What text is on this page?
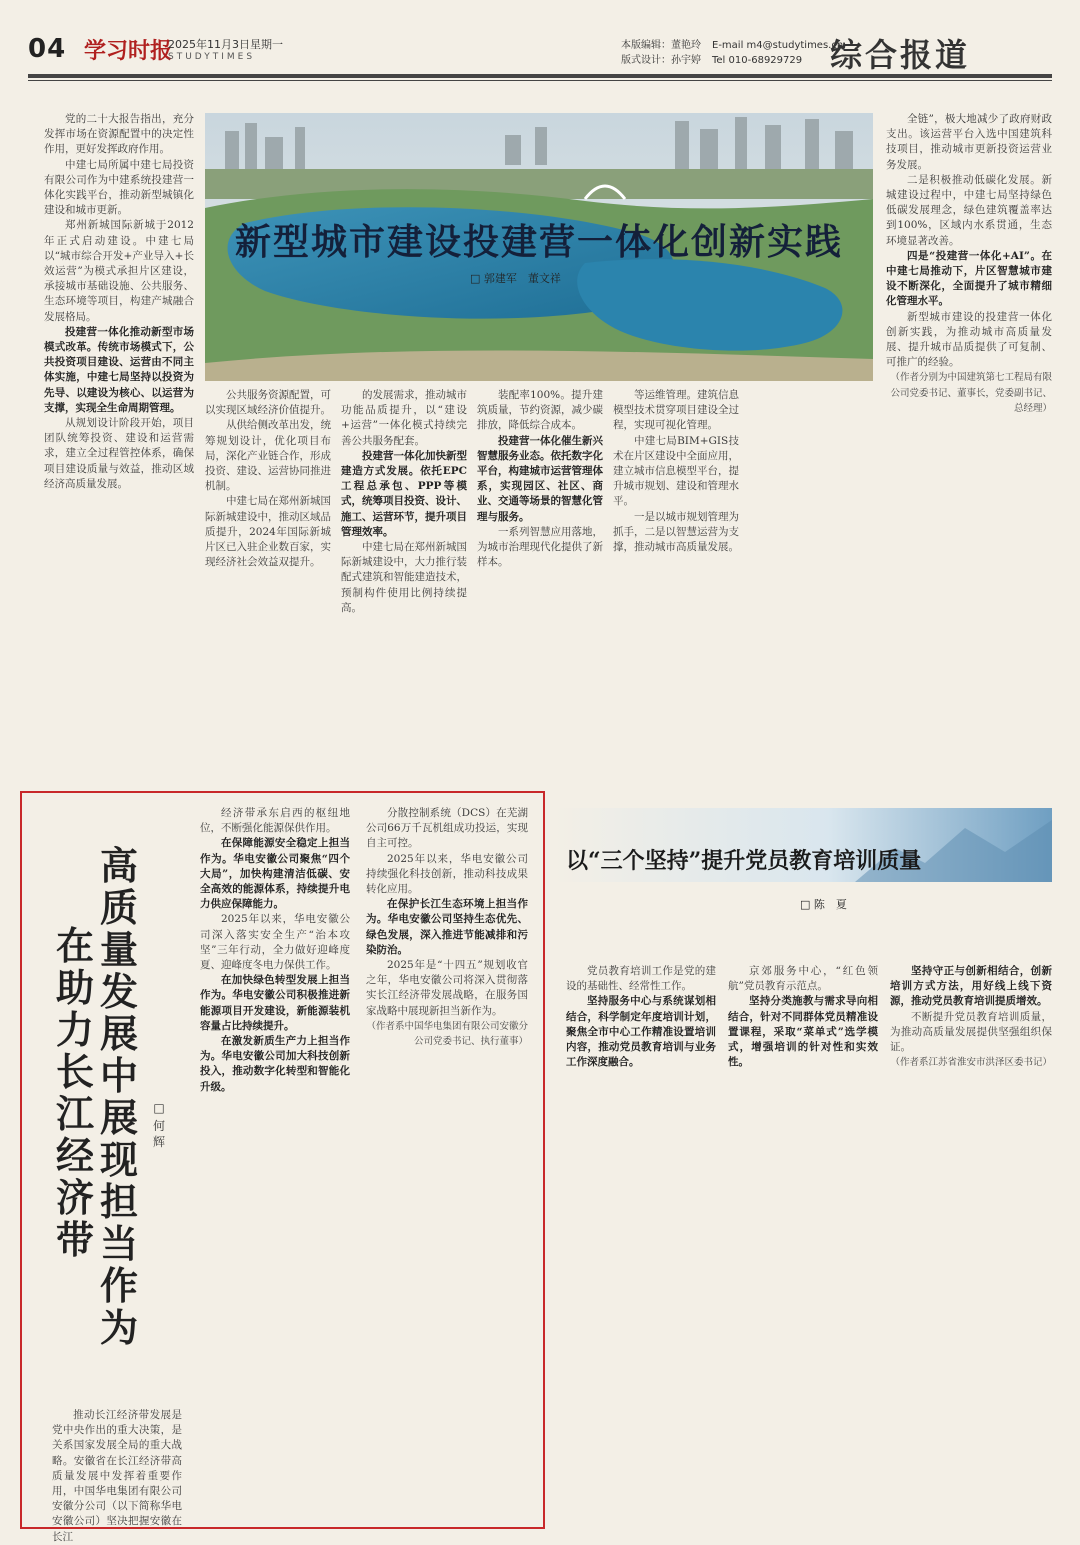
04 学习时报
2025年11月3日星期一
STUDYTIMES
本版编辑：董艳玲
版式设计：孙宇婷
E-mail m4@studytimes.cn
Tel 010-68929729 综合报道

党的二十大报告指出，充分发挥市场在资源配置中的决定性作用，更好发挥政府作用。

中建七局所属中建七局投资有限公司作为中建系统投建营一体化实践平台，推动新型城镇化建设和城市更新。

郑州新城国际新城于2012年正式启动建设。中建七局以“城市综合开发+产业导入+长效运营”为模式承担片区建设，承接城市基础设施、公共服务、生态环境等项目，构建产城融合发展格局。

投建营一体化推动新型市场模式改革。传统市场模式下，公共投资项目建设、运营由不同主体实施，中建七局坚持以投资为先导、以建设为核心、以运营为支撑，实现全生命周期管理。

从规划设计阶段开始，项目团队统筹投资、建设和运营需求，建立全过程管控体系，确保项目建设质量与效益，推动区域经济高质量发展。

新型城市建设投建营一体化创新实践
□ 郭建军　董文祥

公共服务资源配置，可以实现区域经济价值提升。

从供给侧改革出发，统筹规划设计，优化项目布局，深化产业链合作，形成投资、建设、运营协同推进机制。

中建七局在郑州新城国际新城建设中，推动区域品质提升，2024年国际新城片区已入驻企业数百家，实现经济社会效益双提升。

的发展需求，推动城市功能品质提升，以“建设+运营”一体化模式持续完善公共服务配套。

投建营一体化加快新型建造方式发展。依托EPC工程总承包、PPP等模式，统筹项目投资、设计、施工、运营环节，提升项目管理效率。

中建七局在郑州新城国际新城建设中，大力推行装配式建筑和智能建造技术，预制构件使用比例持续提高。

装配率100%。提升建筑质量，节约资源，减少碳排放，降低综合成本。

投建营一体化催生新兴智慧服务业态。依托数字化平台，构建城市运营管理体系，实现园区、社区、商业、交通等场景的智慧化管理与服务。

一系列智慧应用落地，为城市治理现代化提供了新样本。

等运维管理。建筑信息模型技术贯穿项目建设全过程，实现可视化管理。

中建七局BIM+GIS技术在片区建设中全面应用，建立城市信息模型平台，提升城市规划、建设和管理水平。

一是以城市规划管理为抓手，二是以智慧运营为支撑，推动城市高质量发展。

全链”，极大地减少了政府财政支出。该运营平台入选中国建筑科技项目，推动城市更新投资运营业务发展。

二是积极推动低碳化发展。新城建设过程中，中建七局坚持绿色低碳发展理念，绿色建筑覆盖率达到100%，区域内水系贯通，生态环境显著改善。

四是“投建营一体化+AI”。在中建七局推动下，片区智慧城市建设不断深化，全面提升了城市精细化管理水平。

新型城市建设的投建营一体化创新实践，为推动城市高质量发展、提升城市品质提供了可复制、可推广的经验。

（作者分别为中国建筑第七工程局有限公司党委书记、董事长，党委副书记、总经理）
高质量发展中展现担当作为
在助力长江经济带
□
何辉

推动长江经济带发展是党中央作出的重大决策，是关系国家发展全局的重大战略。安徽省在长江经济带高质量发展中发挥着重要作用，中国华电集团有限公司安徽分公司（以下简称华电安徽公司）坚决把握安徽在长江

经济带承东启西的枢纽地位，不断强化能源保供作用。

在保障能源安全稳定上担当作为。华电安徽公司聚焦“四个大局”，加快构建清洁低碳、安全高效的能源体系，持续提升电力供应保障能力。

2025年以来，华电安徽公司深入落实安全生产“治本攻坚”三年行动，全力做好迎峰度夏、迎峰度冬电力保供工作。

在加快绿色转型发展上担当作为。华电安徽公司积极推进新能源项目开发建设，新能源装机容量占比持续提升。

在激发新质生产力上担当作为。华电安徽公司加大科技创新投入，推动数字化转型和智能化升级。

分散控制系统（DCS）在芜湖公司66万千瓦机组成功投运，实现自主可控。

2025年以来，华电安徽公司持续强化科技创新，推动科技成果转化应用。

在保护长江生态环境上担当作为。华电安徽公司坚持生态优先、绿色发展，深入推进节能减排和污染防治。

2025年是“十四五”规划收官之年，华电安徽公司将深入贯彻落实长江经济带发展战略，在服务国家战略中展现新担当新作为。

（作者系中国华电集团有限公司安徽分公司党委书记、执行董事）
以“三个坚持”提升党员教育培训质量
□ 陈　夏

党员教育培训工作是党的建设的基础性、经常性工作。

坚持服务中心与系统谋划相结合，科学制定年度培训计划，聚焦全市中心工作精准设置培训内容，推动党员教育培训与业务工作深度融合。

京郊服务中心，“红色领航”党员教育示范点。

坚持分类施教与需求导向相结合，针对不同群体党员精准设置课程，采取“菜单式”选学模式，增强培训的针对性和实效性。

坚持守正与创新相结合，创新培训方式方法，用好线上线下资源，推动党员教育培训提质增效。

不断提升党员教育培训质量，为推动高质量发展提供坚强组织保证。

（作者系江苏省淮安市洪泽区委书记）
